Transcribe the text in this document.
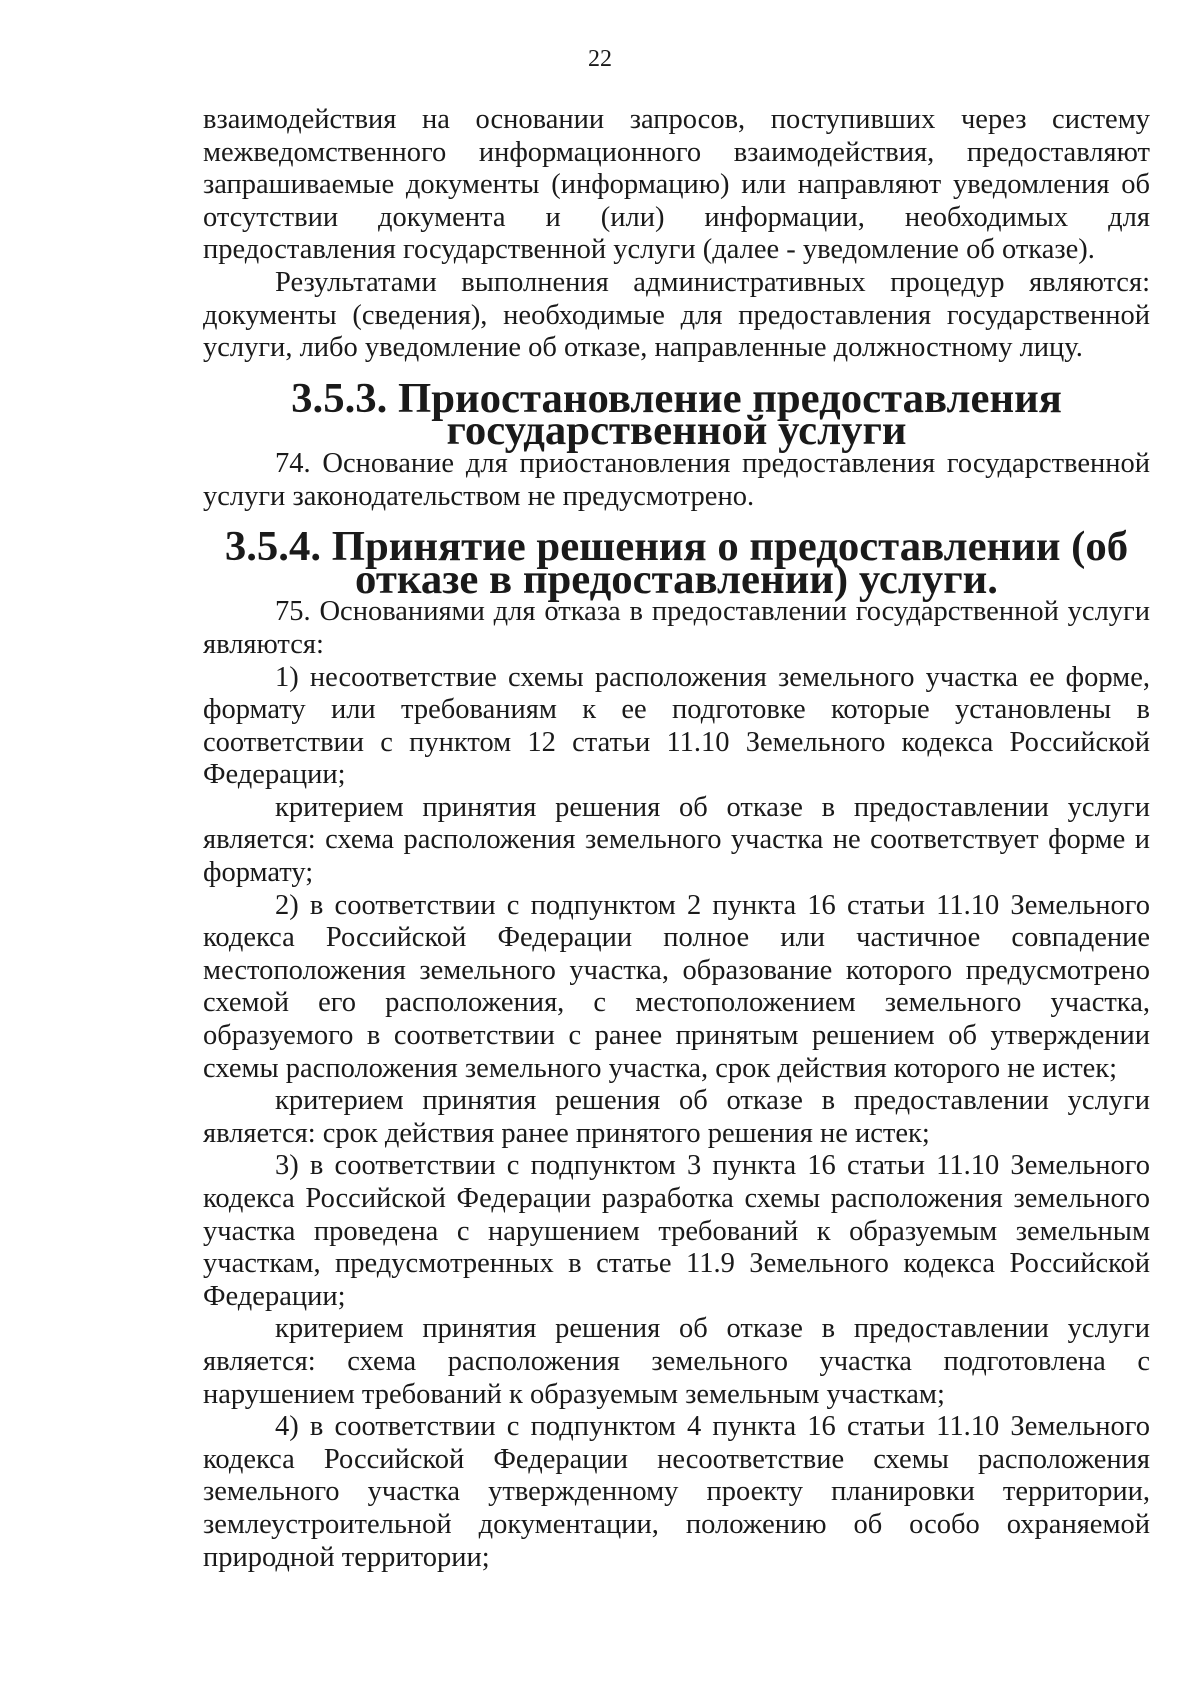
22

взаимодействия на основании запросов, поступивших через систему межведомственного информационного взаимодействия, предоставляют запрашиваемые документы (информацию) или направляют уведомления об отсутствии документа и (или) информации, необходимых для предоставления государственной услуги (далее - уведомление об отказе).

Результатами выполнения административных процедур являются: документы (сведения), необходимые для предоставления государственной услуги, либо уведомление об отказе, направленные должностному лицу.

3.5.3. Приостановление предоставления государственной услуги

74. Основание для приостановления предоставления государственной услуги законодательством не предусмотрено.

3.5.4. Принятие решения о предоставлении (об отказе в предоставлении) услуги.

75. Основаниями для отказа в предоставлении государственной услуги являются:

1) несоответствие схемы расположения земельного участка ее форме, формату или требованиям к ее подготовке которые установлены в соответствии с пунктом 12 статьи 11.10 Земельного кодекса Российской Федерации;

критерием принятия решения об отказе в предоставлении услуги является: схема расположения земельного участка не соответствует форме и формату;

2) в соответствии с подпунктом 2 пункта 16 статьи 11.10 Земельного кодекса Российской Федерации полное или частичное совпадение местоположения земельного участка, образование которого предусмотрено схемой его расположения, с местоположением земельного участка, образуемого в соответствии с ранее принятым решением об утверждении схемы расположения земельного участка, срок действия которого не истек;

критерием принятия решения об отказе в предоставлении услуги является: срок действия ранее принятого решения не истек;

3) в соответствии с подпунктом 3 пункта 16 статьи 11.10 Земельного кодекса Российской Федерации разработка схемы расположения земельного участка проведена с нарушением требований к образуемым земельным участкам, предусмотренных в статье 11.9 Земельного кодекса Российской Федерации;

критерием принятия решения об отказе в предоставлении услуги является: схема расположения земельного участка подготовлена с нарушением требований к образуемым земельным участкам;

4) в соответствии с подпунктом 4 пункта 16 статьи 11.10 Земельного кодекса Российской Федерации несоответствие схемы расположения земельного участка утвержденному проекту планировки территории, землеустроительной документации, положению об особо охраняемой природной территории;
